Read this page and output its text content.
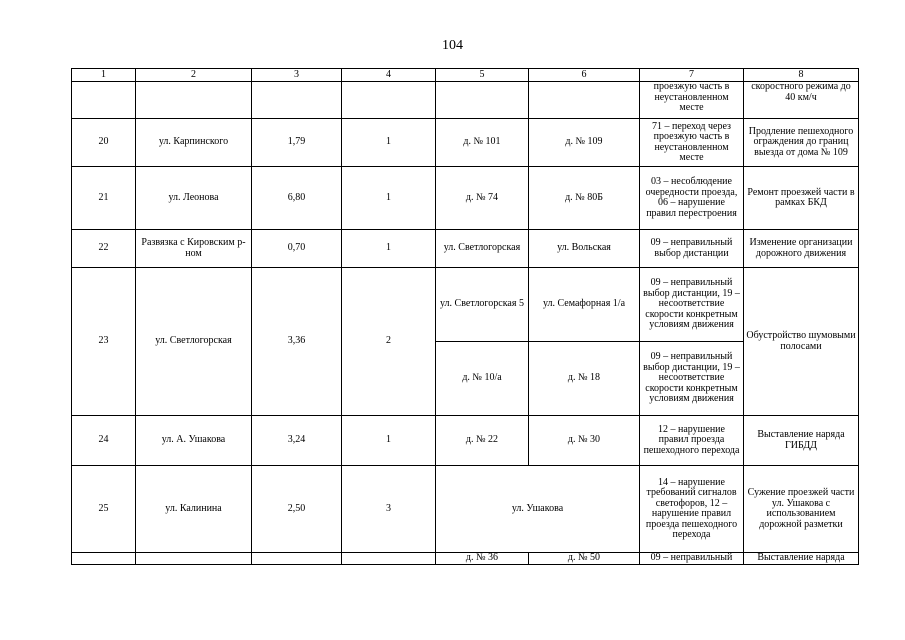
104
1	2	3	4	5	6	7	8
						проезжую часть в неустановленном месте	скоростного режима до 40 км/ч
20	ул. Карпинского	1,79	1	д. № 101	д. № 109	71 – переход через проезжую часть в неустановленном месте	Продление пешеходного ограждения до границ выезда от дома № 109
21	ул. Леонова	6,80	1	д. № 74	д. № 80Б	03 – несоблюдение очередности проезда, 06 – нарушение правил перестроения	Ремонт проезжей части в рамках БКД
22	Развязка с Кировским р-ном	0,70	1	ул. Светлогорская	ул. Вольская	09 – неправильный выбор дистанции	Изменение организации дорожного движения
23	ул. Светлогорская	3,36	2	ул. Светлогорская 5	ул. Семафорная 1/а	09 – неправильный выбор дистанции, 19 – несоответствие скорости конкретным условиям движения	Обустройство шумовыми полосами
				д. № 10/а	д. № 18	09 – неправильный выбор дистанции, 19 – несоответствие скорости конкретным условиям движения	
24	ул. А. Ушакова	3,24	1	д. № 22	д. № 30	12 – нарушение правил проезда пешеходного перехода	Выставление наряда ГИБДД
25	ул. Калинина	2,50	3	ул. Ушакова		14 – нарушение требований сигналов светофоров, 12 – нарушение правил проезда пешеходного перехода	Сужение проезжей части ул. Ушакова с использованием дорожной разметки
				д. № 36	д. № 50	09 – неправильный	Выставление наряда
